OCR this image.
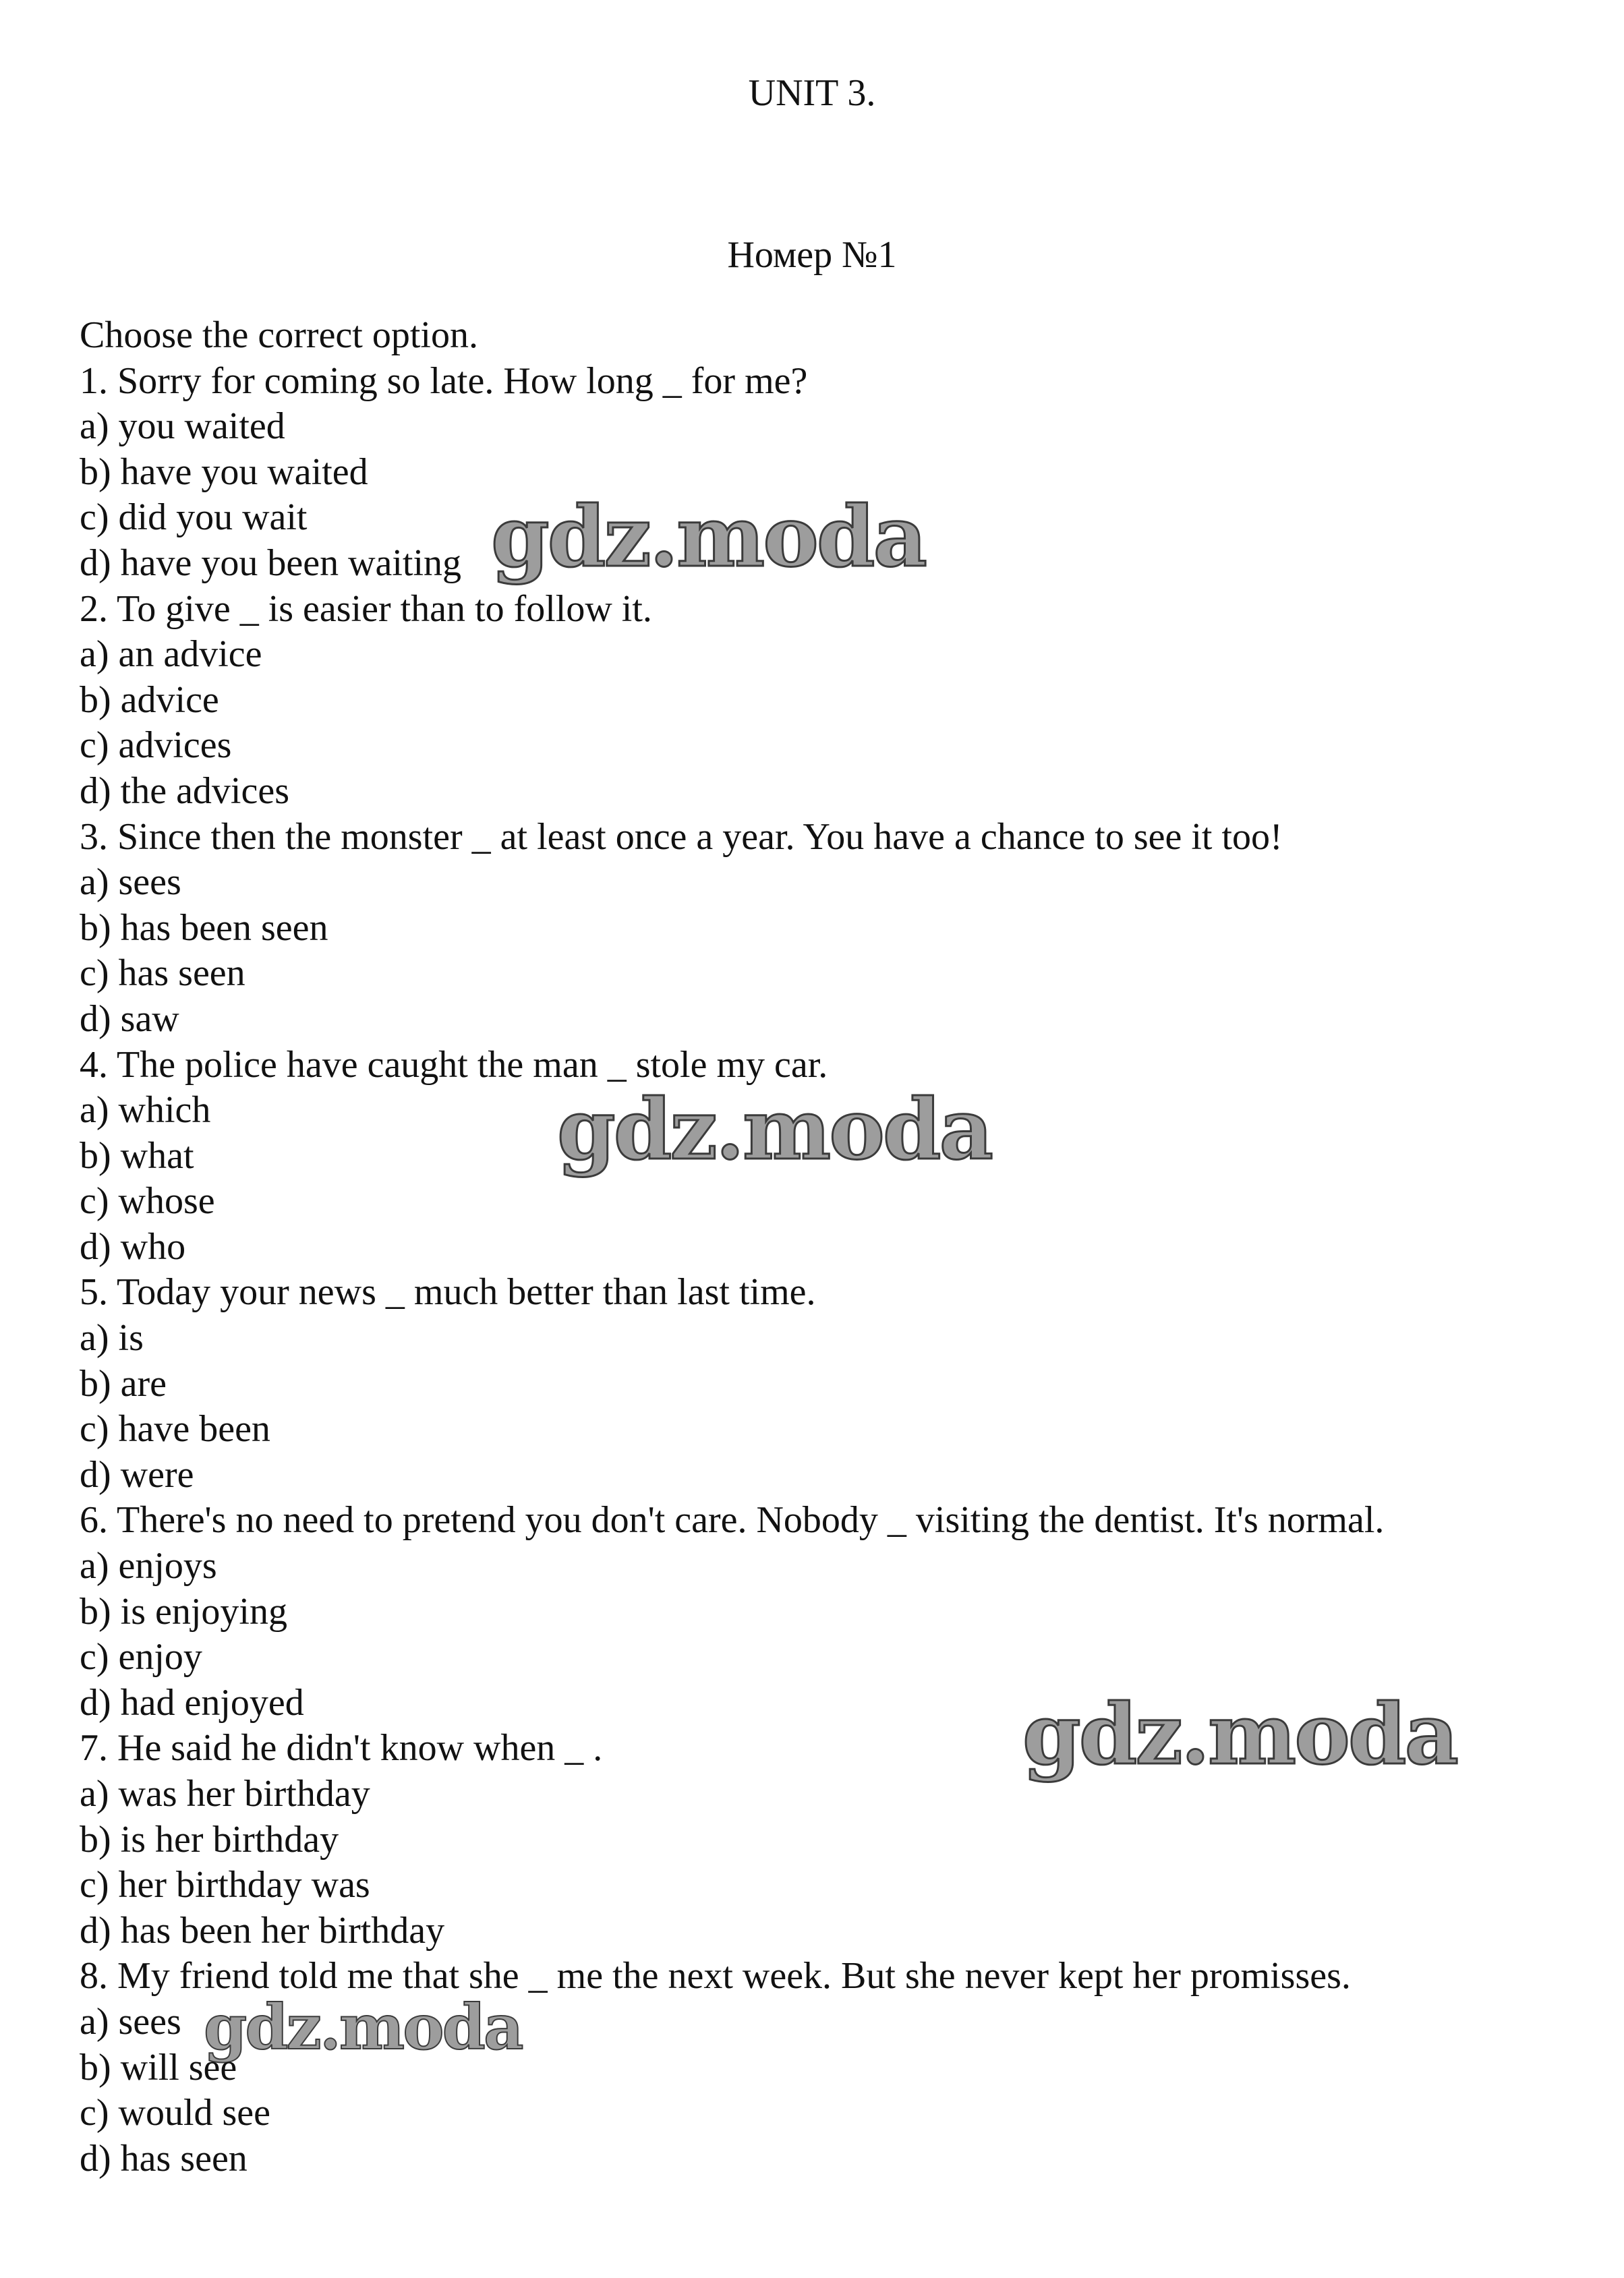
UNIT 3.
Номер №1
Choose the correct option.
1. Sorry for coming so late. How long _ for me?
a) you waited
b) have you waited
c) did you wait
d) have you been waiting
2. To give _ is easier than to follow it.
a) an advice
b) advice
c) advices
d) the advices
3. Since then the monster _ at least once a year. You have a chance to see it too!
a) sees
b) has been seen
c) has seen
d) saw
4. The police have caught the man _ stole my car.
a) which
b) what
c) whose
d) who
5. Today your news _ much better than last time.
a) is
b) are
c) have been
d) were
6. There's no need to pretend you don't care. Nobody _ visiting the dentist. It's normal.
a) enjoys
b) is enjoying
c) enjoy
d) had enjoyed
7. He said he didn't know when _ .
a) was her birthday
b) is her birthday
c) her birthday was
d) has been her birthday
8. My friend told me that she _ me the next week. But she never kept her promisses.
a) sees
b) will see
c) would see
d) has seen
gdz.moda
gdz.moda
gdz.moda
gdz.moda
